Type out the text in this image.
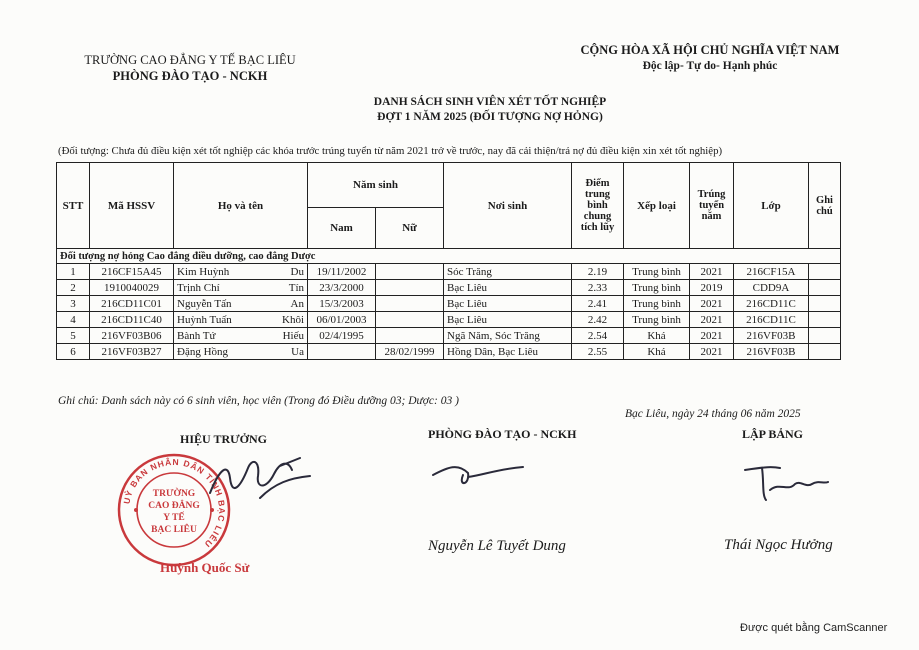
TRƯỜNG CAO ĐẲNG Y TẾ BẠC LIÊU
PHÒNG ĐÀO TẠO - NCKH
CỘNG HÒA XÃ HỘI CHỦ NGHĨA VIỆT NAM
Độc lập- Tự do- Hạnh phúc
DANH SÁCH SINH VIÊN XÉT TỐT NGHIỆP
ĐỢT 1 NĂM 2025 (ĐỐI TƯỢNG NỢ HỎNG)
(Đối tượng: Chưa đủ điều kiện xét tốt nghiệp các khóa trước trúng tuyển từ năm 2021 trở về trước, nay đã cải thiện/trả nợ đủ điều kiện xin xét tốt nghiệp)
STT	Mã HSSV	Họ và tên	Năm sinh		Nơi sinh	Điểm trung bình chung tích lũy	Xếp loại	Trúng tuyển năm	Lớp	Ghi chú
			Nam	Nữ						
Đối tượng nợ hỏng Cao đẳng điều dưỡng, cao đẳng Dược										
1	216CF15A45	Kim Huỳnh Du	19/11/2002		Sóc Trăng	2.19	Trung bình	2021	216CF15A	
2	1910040029	Trịnh Chí Tín	23/3/2000		Bạc Liêu	2.33	Trung bình	2019	CDD9A	
3	216CD11C01	Nguyễn Tấn An	15/3/2003		Bạc Liêu	2.41	Trung bình	2021	216CD11C	
4	216CD11C40	Huỳnh Tuấn Khôi	06/01/2003		Bạc Liêu	2.42	Trung bình	2021	216CD11C	
5	216VF03B06	Bành Tứ Hiếu	02/4/1995		Ngã Năm, Sóc Trăng	2.54	Khá	2021	216VF03B	
6	216VF03B27	Đặng Hồng Ua		28/02/1999	Hồng Dân, Bạc Liêu	2.55	Khá	2021	216VF03B	
Ghi chú: Danh sách này có 6 sinh viên, học viên (Trong đó Điều dưỡng 03; Dược: 03 )
Bạc Liêu, ngày 24 tháng 06 năm 2025
HIỆU TRƯỞNG	PHÒNG ĐÀO TẠO - NCKH	LẬP BẢNG
UỶ BAN NHÂN DÂN TỈNH BẠC LIÊU
TRƯỜNG
CAO ĐẲNG
Y TẾ
BẠC LIÊU
Huỳnh Quốc Sử
Nguyễn Lê Tuyết Dung	Thái Ngọc Hưởng
Được quét bằng CamScanner
